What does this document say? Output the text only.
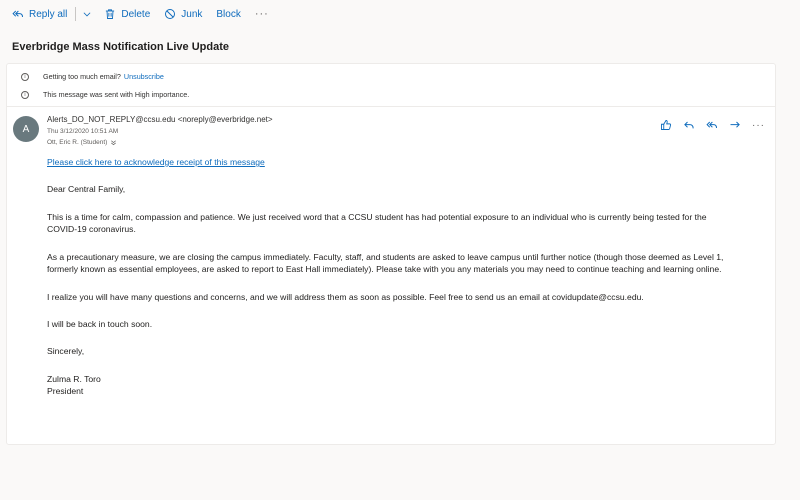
Reply all	Delete	Junk Block ···
Everbridge Mass Notification Live Update
i	Getting too much email? Unsubscribe
i	This message was sent with High importance.
A
Alerts_DO_NOT_REPLY@ccsu.edu <noreply@everbridge.net>
Thu 3/12/2020 10:51 AM
Ott, Eric R. (Student)
···

Please click here to acknowledge receipt of this message

Dear Central Family,

This is a time for calm, compassion and patience. We just received word that a CCSU student has had potential exposure to an individual who is currently being tested for the COVID-19 coronavirus.

As a precautionary measure, we are closing the campus immediately. Faculty, staff, and students are asked to leave campus until further notice (though those deemed as Level 1, formerly known as essential employees, are asked to report to East Hall immediately). Please take with you any materials you may need to continue teaching and learning online.

I realize you will have many questions and concerns, and we will address them as soon as possible. Feel free to send us an email at covidupdate@ccsu.edu.

I will be back in touch soon.

Sincerely,

Zulma R. Toro

President
